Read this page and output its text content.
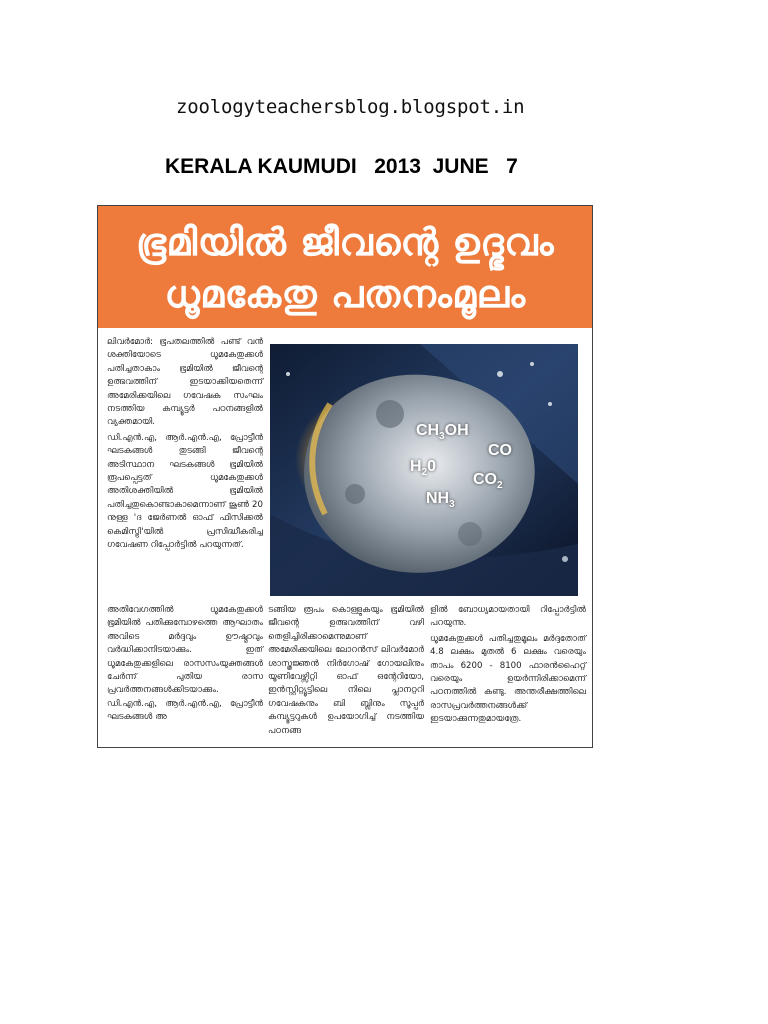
zoologyteachersblog.blogspot.in
KERALA KAUMUDI   2013  JUNE   7
ഭൂമിയിൽ ജീവന്റെ ഉദ്ഭവം
ധൂമകേതു പതനംമൂലം

ലിവർമോർ: ഭൂപതലത്തിൽ പണ്ട് വൻ ശക്തിയോടെ ധൂമകേതുക്കൾ പതിച്ചതാകാം ഭൂമിയിൽ ജീവന്റെ ഉത്ഭവത്തിന് ഇടയാക്കിയതെന്ന് അമേരിക്കയിലെ ഗവേഷക സംഘം നടത്തിയ കമ്പ്യൂട്ടർ പഠനങ്ങളിൽ വ്യക്തമായി.

ഡി.എൻ.എ, ആർ.എൻ.എ, പ്രോട്ടീൻ ഘടകങ്ങൾ തുടങ്ങി ജീവന്റെ അടിസ്ഥാന ഘടകങ്ങൾ ഭൂമിയിൽ രൂപപ്പെട്ടത് ധൂമകേതുക്കൾ അതിശക്തിയിൽ ഭൂമിയിൽ പതിച്ചതുകൊണ്ടാകാമെന്നാണ് ജൂൺ 20 നുള്ള 'ദ ജേർണൽ ഓഫ് ഫിസിക്കൽ കെമിസ്ട്രി'യിൽ പ്രസിദ്ധീകരിച്ച ഗവേഷണ റിപ്പോർട്ടിൽ പറയുന്നത്.

$CH_3OH$
CO
$H_20$
$CO_2$
$NH_3$

അതിവേഗത്തിൽ ധൂമകേതുക്കൾ ഭൂമിയിൽ പതിക്കുമ്പോഴത്തെ ആഘാതം അവിടെ മർദ്ദവും ഊഷ്മാവും വർദ്ധിക്കാനിടയാക്കും. ഇത് ധൂമകേതുക്കളിലെ രാസസംയുക്തങ്ങൾ ചേർന്ന് പുതിയ രാസ പ്രവർത്തനങ്ങൾക്കിടയാക്കും. ഡി.എൻ.എ, ആർ.എൻ.എ, പ്രോട്ടീൻ ഘടകങ്ങൾ അ

ടങ്ങിയ രൂപം കൊള്ളുകയും ഭൂമിയിൽ ജീവന്റെ ഉത്ഭവത്തിന് വഴി തെളിച്ചിരിക്കാമെന്നുമാണ് അമേരിക്കയിലെ ലോറൻസ് ലിവർമോർ ശാസ്ത്രജ്ഞൻ നിർഗോഷ് ഗോയലിനും യൂണിവേഴ്സിറ്റി ഓഫ് ഒന്റേറിയോ, ഇൻസ്റ്റിറ്റ്യൂട്ടിലെ നിലെ പ്ലാനറ്ററി ഗവേഷകനും ബി ബ്ലിനും സൂപ്പർ കമ്പ്യൂട്ടറുകൾ ഉപയോഗിച്ച് നടത്തിയ പഠനങ്ങ

ളിൽ ബോധ്യമായതായി റിപ്പോർട്ടിൽ പറയുന്നു.

ധൂമകേതുക്കൾ പതിച്ചതുമൂലം മർദ്ദതോത് 4.8 ലക്ഷം മുതൽ 6 ലക്ഷം വരെയും താപം 6200 - 8100 ഫാരൻഹൈറ്റ് വരെയും ഉയർന്നിരിക്കാമെന്ന് പഠനത്തിൽ കണ്ടു. അന്തരീക്ഷത്തിലെ രാസപ്രവർത്തനങ്ങൾക്ക് ഇടയാക്കുന്നതുമായത്രേ.
